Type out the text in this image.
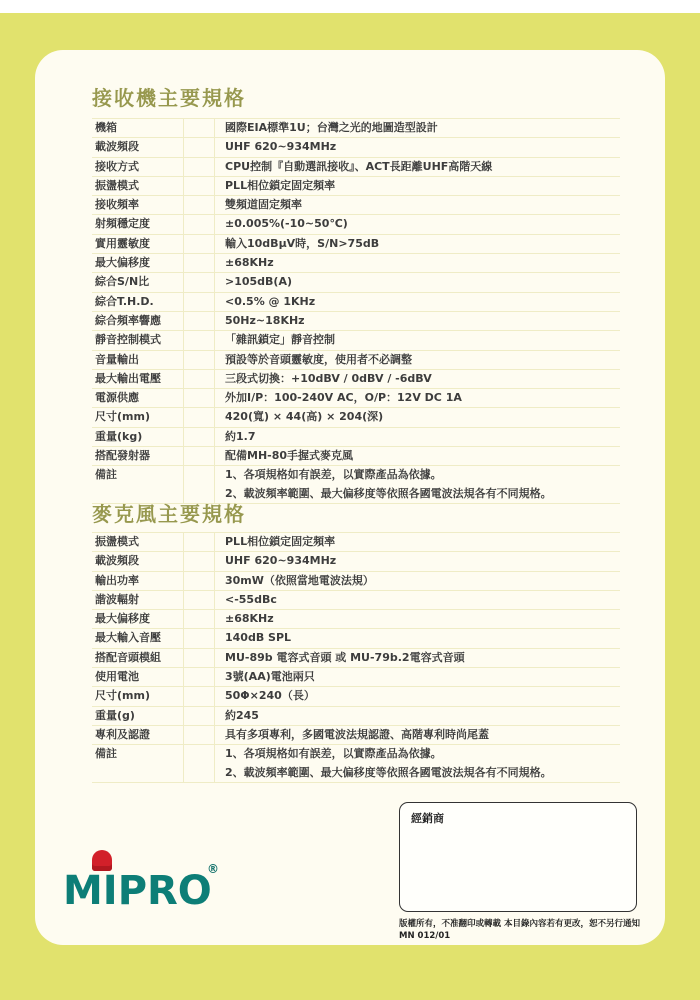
接收機主要規格
機箱	國際EIA標準1U；台灣之光的地圖造型設計
載波頻段	UHF 620~934MHz
接收方式	CPU控制『自動選訊接收』、ACT長距離UHF高階天線
振盪模式	PLL相位鎖定固定頻率
接收頻率	雙頻道固定頻率
射頻穩定度	±0.005%(-10~50℃)
實用靈敏度	輸入10dBμV時，S/N>75dB
最大偏移度	±68KHz
綜合S/N比	>105dB(A)
綜合T.H.D.	<0.5% @ 1KHz
綜合頻率響應	50Hz~18KHz
靜音控制模式	「雜訊鎖定」靜音控制
音量輸出	預設等於音頭靈敏度，使用者不必調整
最大輸出電壓	三段式切換：+10dBV / 0dBV / -6dBV
電源供應	外加I/P：100-240V AC，O/P：12V DC 1A
尺寸(mm)	420(寬) × 44(高) × 204(深)
重量(kg)	約1.7
搭配發射器	配備MH-80手握式麥克風
備註	1、各項規格如有誤差，以實際產品為依據。
2、載波頻率範圍、最大偏移度等依照各國電波法規各有不同規格。
麥克風主要規格
振盪模式	PLL相位鎖定固定頻率
載波頻段	UHF 620~934MHz
輸出功率	30mW（依照當地電波法規）
諧波輻射	<-55dBc
最大偏移度	±68KHz
最大輸入音壓	140dB SPL
搭配音頭模組	MU-89b 電容式音頭 或 MU-79b.2電容式音頭
使用電池	3號(AA)電池兩只
尺寸(mm)	50Φ×240（長）
重量(g)	約245
專利及認證	具有多項專利，多國電波法規認證、高階專利時尚尾蓋
備註	1、各項規格如有誤差，以實際產品為依據。
2、載波頻率範圍、最大偏移度等依照各國電波法規各有不同規格。
經銷商
版權所有，不准翻印或轉載 本目錄內容若有更改，恕不另行通知
MN 012/01
MIPRO
®
